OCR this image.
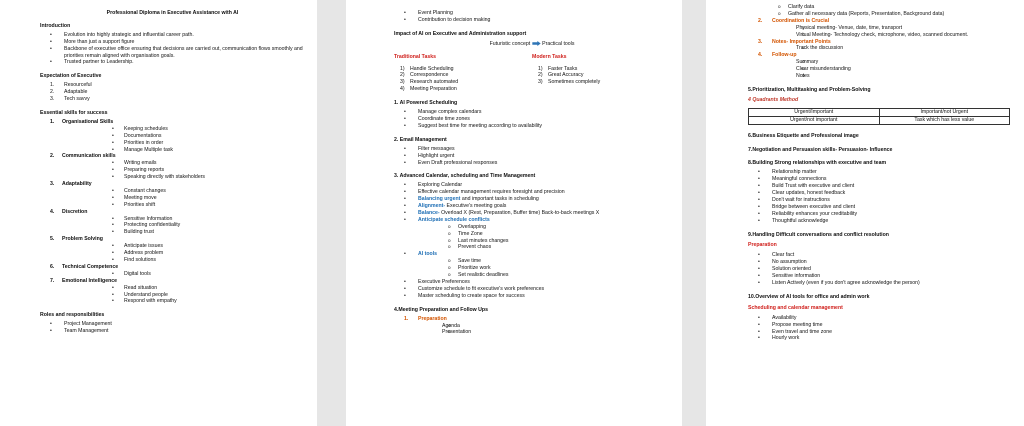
Professional Diploma in Executive Assistance with AI
Introduction
• Evolution into highly strategic and influential career path.
• More than just a support figure
• Backbone of executive office ensuring that decisions are carried out, communication flows smoothly and priorities remain aligned with organisation goals.
• Trusted partner to Leadership.
Expectation of Executive
1. Resourceful
2. Adaptable
3. Tech savvy
Essential skills for success
1. Organisational Skills
• Keeping schedules
• Documentations
• Priorities in order
• Manage Multiple task
2. Communication skills
• Writing emails
• Preparing reports
• Speaking directly with stakeholders
3. Adaptability
• Constant changes
• Meeting move
• Priorities shift
4. Discretion
• Sensitive Information
• Protecting confidentiality
• Building trust
5. Problem Solving
• Anticipate issues
• Address problem
• Find solutions
6. Technical Competence
• Digital tools
7. Emotional Intelligence
• Read situation
• Understand people
• Respond with empathy
Roles and responsibilities
• Project Management
• Team Management
• Event Planning
• Contribution to decision making
Impact of AI on Executive and Administration support
Futuristic concept Practical tools
Traditional Tasks
1) Handle Scheduling
2) Correspondence
3) Research automated
4) Meeting Preparation
Modern Tasks
1) Faster Tasks
2) Great Accuracy
3) Sometimes completely
1. AI Powered Scheduling
• Manage complex calendars
• Coordinate time zones
• Suggest best time for meeting according to availability
2. Email Management
• Filter messages
• Highlight urgent
• Even Draft professional responses
3. Advanced Calendar, scheduling and Time Management
• Exploring Calendar
• Effective calendar management requires foresight and precision
• Balancing urgent and important tasks in scheduling
• Alignment- Executive's meeting goals
• Balance- Overload X (Rest, Preparation, Buffer time) Back-to-back meetings X
• Anticipate schedule conflicts
o Overlapping
o Time Zone
o Last minutes changes
o Prevent chaos
• AI tools
o Save time
o Prioritize work
o Set realistic deadlines
• Executive Preferences
• Customize schedule to fit executive's work preferences
• Master scheduling to create space for success
4.Meeting Preparation and Follow Ups
1. Preparation
o Agenda
o Presentation
o Clarify data
o Gather all necessary data (Reports, Presentation, Background data)
2. Coordination is Crucial
o Physical meeting- Venue, date, time, transport
o Virtual Meeting- Technology check, microphone, video, scanned document.
3. Notes- Important Points
o Track the discussion
4. Follow-up
o Summary
o Clear misunderstanding
o Notes
5.Prioritization, Multitasking and Problem-Solving
4 Quadrants Method
Urgent/Important	Important/not Urgent
Urgent/not important	Task which has less value
6.Business Etiquette and Professional image
7.Negotiation and Persuasion skills- Persuasion- Influence
8.Building Strong relationships with executive and team
• Relationship matter
• Meaningful connections
• Build Trust with executive and client
• Clear updates, honest feedback
• Don't wait for instructions
• Bridge between executive and client
• Reliability enhances your creditability
• Thoughtful acknowledge
9.Handling Difficult conversations and conflict resolution
Preparation
• Clear fact
• No assumption
• Solution oriented
• Sensitive information
• Listen Actively (even if you don't agree acknowledge the person)
10.Overview of AI tools for office and admin work
Scheduling and calendar management
• Availability
• Propose meeting time
• Even travel and time zone
• Hourly work
